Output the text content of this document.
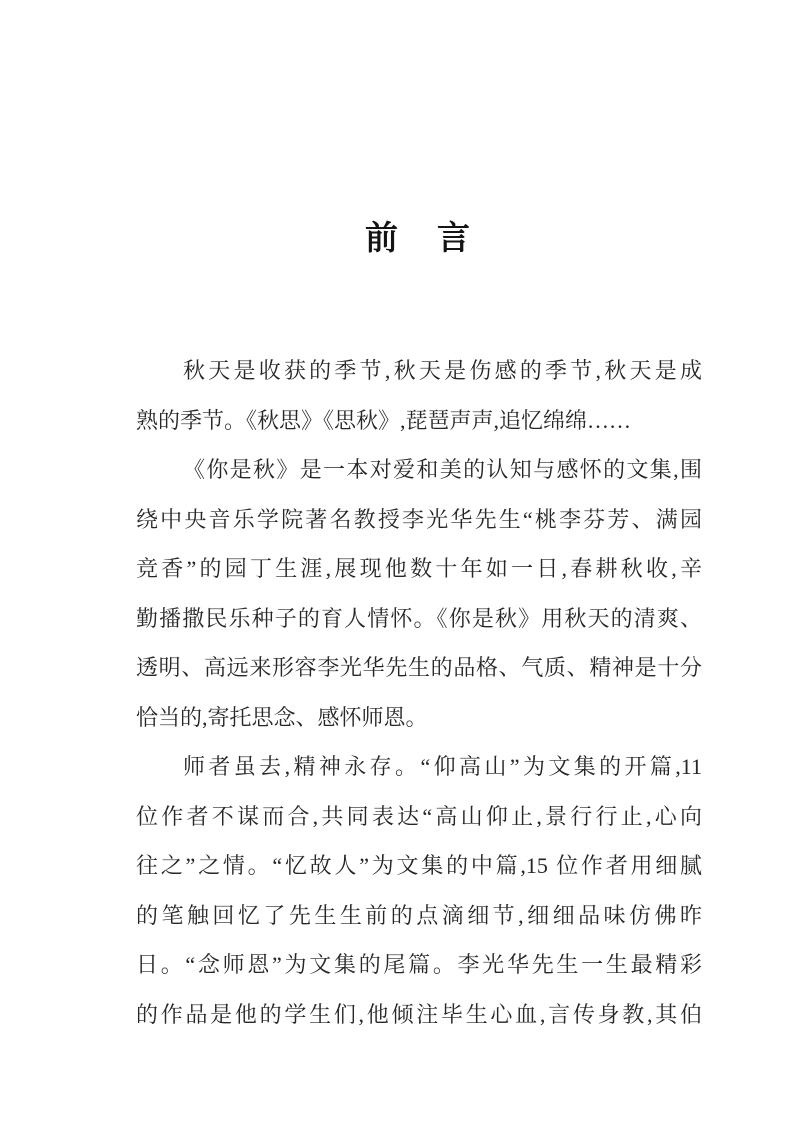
前　言
秋天是收获的季节,秋天是伤感的季节,秋天是成
熟的季节。《秋思》《思秋》,琵琶声声,追忆绵绵……
《你是秋》是一本对爱和美的认知与感怀的文集,围
绕中央音乐学院著名教授李光华先生“桃李芬芳、满园
竞香”的园丁生涯,展现他数十年如一日,春耕秋收,辛
勤播撒民乐种子的育人情怀。《你是秋》用秋天的清爽、
透明、高远来形容李光华先生的品格、气质、精神是十分
恰当的,寄托思念、感怀师恩。
师者虽去,精神永存。“仰高山”为文集的开篇,11
位作者不谋而合,共同表达“高山仰止,景行行止,心向
往之”之情。“忆故人”为文集的中篇,15 位作者用细腻
的笔触回忆了先生生前的点滴细节,细细品味仿佛昨
日。“念师恩”为文集的尾篇。李光华先生一生最精彩
的作品是他的学生们,他倾注毕生心血,言传身教,其伯
